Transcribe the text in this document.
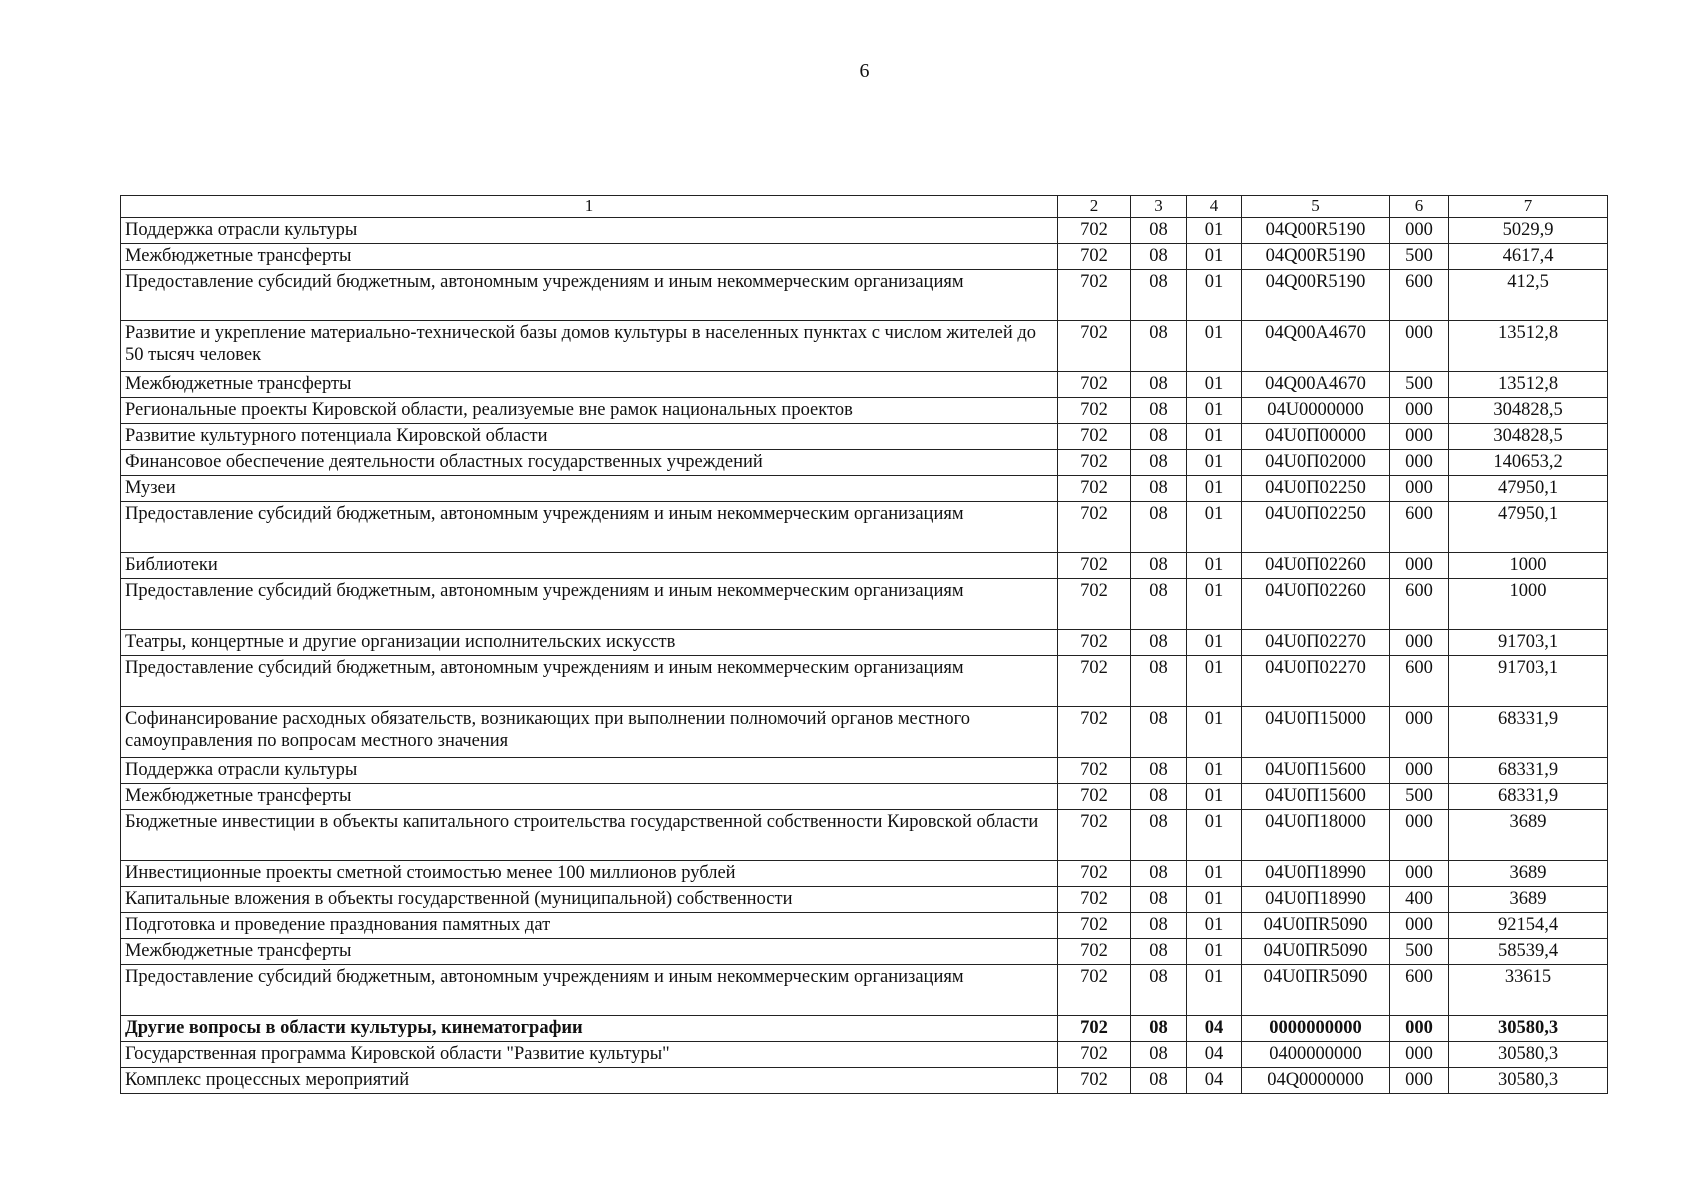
6
1	2	3	4	5	6	7
Поддержка отрасли культуры	702	08	01	04Q00R5190	000	5029,9
Межбюджетные трансферты	702	08	01	04Q00R5190	500	4617,4
Предоставление субсидий бюджетным, автономным учреждениям и иным некоммерческим организациям	702	08	01	04Q00R5190	600	412,5
Развитие и укрепление материально-технической базы домов культуры в населенных пунктах с числом жителей до 50 тысяч человек	702	08	01	04Q00A4670	000	13512,8
Межбюджетные трансферты	702	08	01	04Q00A4670	500	13512,8
Региональные проекты Кировской области, реализуемые вне рамок национальных проектов	702	08	01	04U0000000	000	304828,5
Развитие культурного потенциала Кировской области	702	08	01	04U0П00000	000	304828,5
Финансовое обеспечение деятельности областных государственных учреждений	702	08	01	04U0П02000	000	140653,2
Музеи	702	08	01	04U0П02250	000	47950,1
Предоставление субсидий бюджетным, автономным учреждениям и иным некоммерческим организациям	702	08	01	04U0П02250	600	47950,1
Библиотеки	702	08	01	04U0П02260	000	1000
Предоставление субсидий бюджетным, автономным учреждениям и иным некоммерческим организациям	702	08	01	04U0П02260	600	1000
Театры, концертные и другие организации исполнительских искусств	702	08	01	04U0П02270	000	91703,1
Предоставление субсидий бюджетным, автономным учреждениям и иным некоммерческим организациям	702	08	01	04U0П02270	600	91703,1
Софинансирование расходных обязательств, возникающих при выполнении полномочий органов местного самоуправления по вопросам местного значения	702	08	01	04U0П15000	000	68331,9
Поддержка отрасли культуры	702	08	01	04U0П15600	000	68331,9
Межбюджетные трансферты	702	08	01	04U0П15600	500	68331,9
Бюджетные инвестиции в объекты капитального строительства государственной собственности Кировской области	702	08	01	04U0П18000	000	3689
Инвестиционные проекты сметной стоимостью менее 100 миллионов рублей	702	08	01	04U0П18990	000	3689
Капитальные вложения в объекты государственной (муниципальной) собственности	702	08	01	04U0П18990	400	3689
Подготовка и проведение празднования памятных дат	702	08	01	04U0ПR5090	000	92154,4
Межбюджетные трансферты	702	08	01	04U0ПR5090	500	58539,4
Предоставление субсидий бюджетным, автономным учреждениям и иным некоммерческим организациям	702	08	01	04U0ПR5090	600	33615
Другие вопросы в области культуры, кинематографии	702	08	04	0000000000	000	30580,3
Государственная программа Кировской области "Развитие культуры"	702	08	04	0400000000	000	30580,3
Комплекс процессных мероприятий	702	08	04	04Q0000000	000	30580,3
